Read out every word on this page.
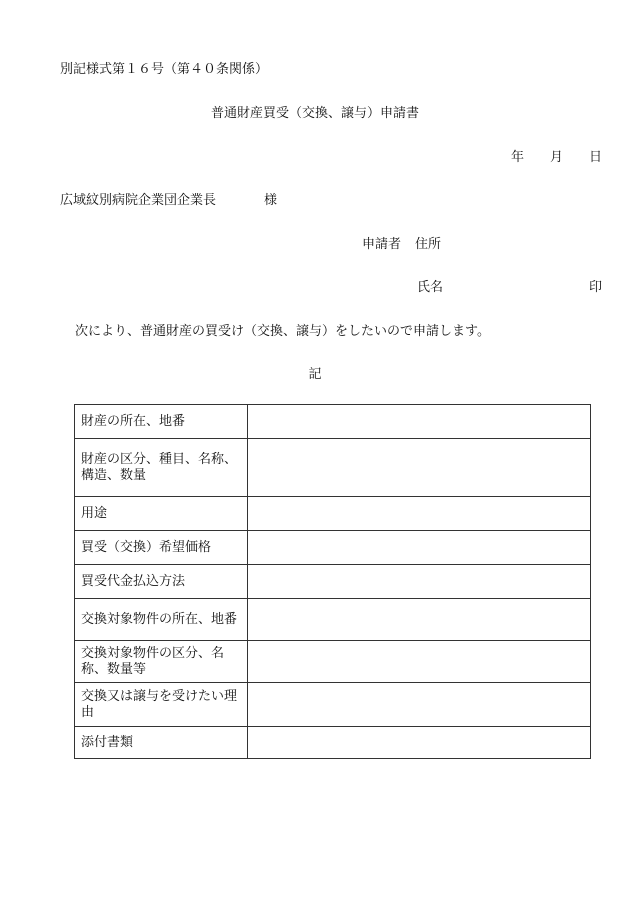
別記様式第１６号（第４０条関係）
普通財産買受（交換、譲与）申請書
年 月 日
広域紋別病院企業団企業長	様
申請者 住所
氏名	印
次により、普通財産の買受け（交換、譲与）をしたいので申請します。
記
財産の所在、地番	
財産の区分、種目、名称、構造、数量	
用途	
買受（交換）希望価格	
買受代金払込方法	
交換対象物件の所在、地番	
交換対象物件の区分、名称、数量等	
交換又は譲与を受けたい理由	
添付書類	
